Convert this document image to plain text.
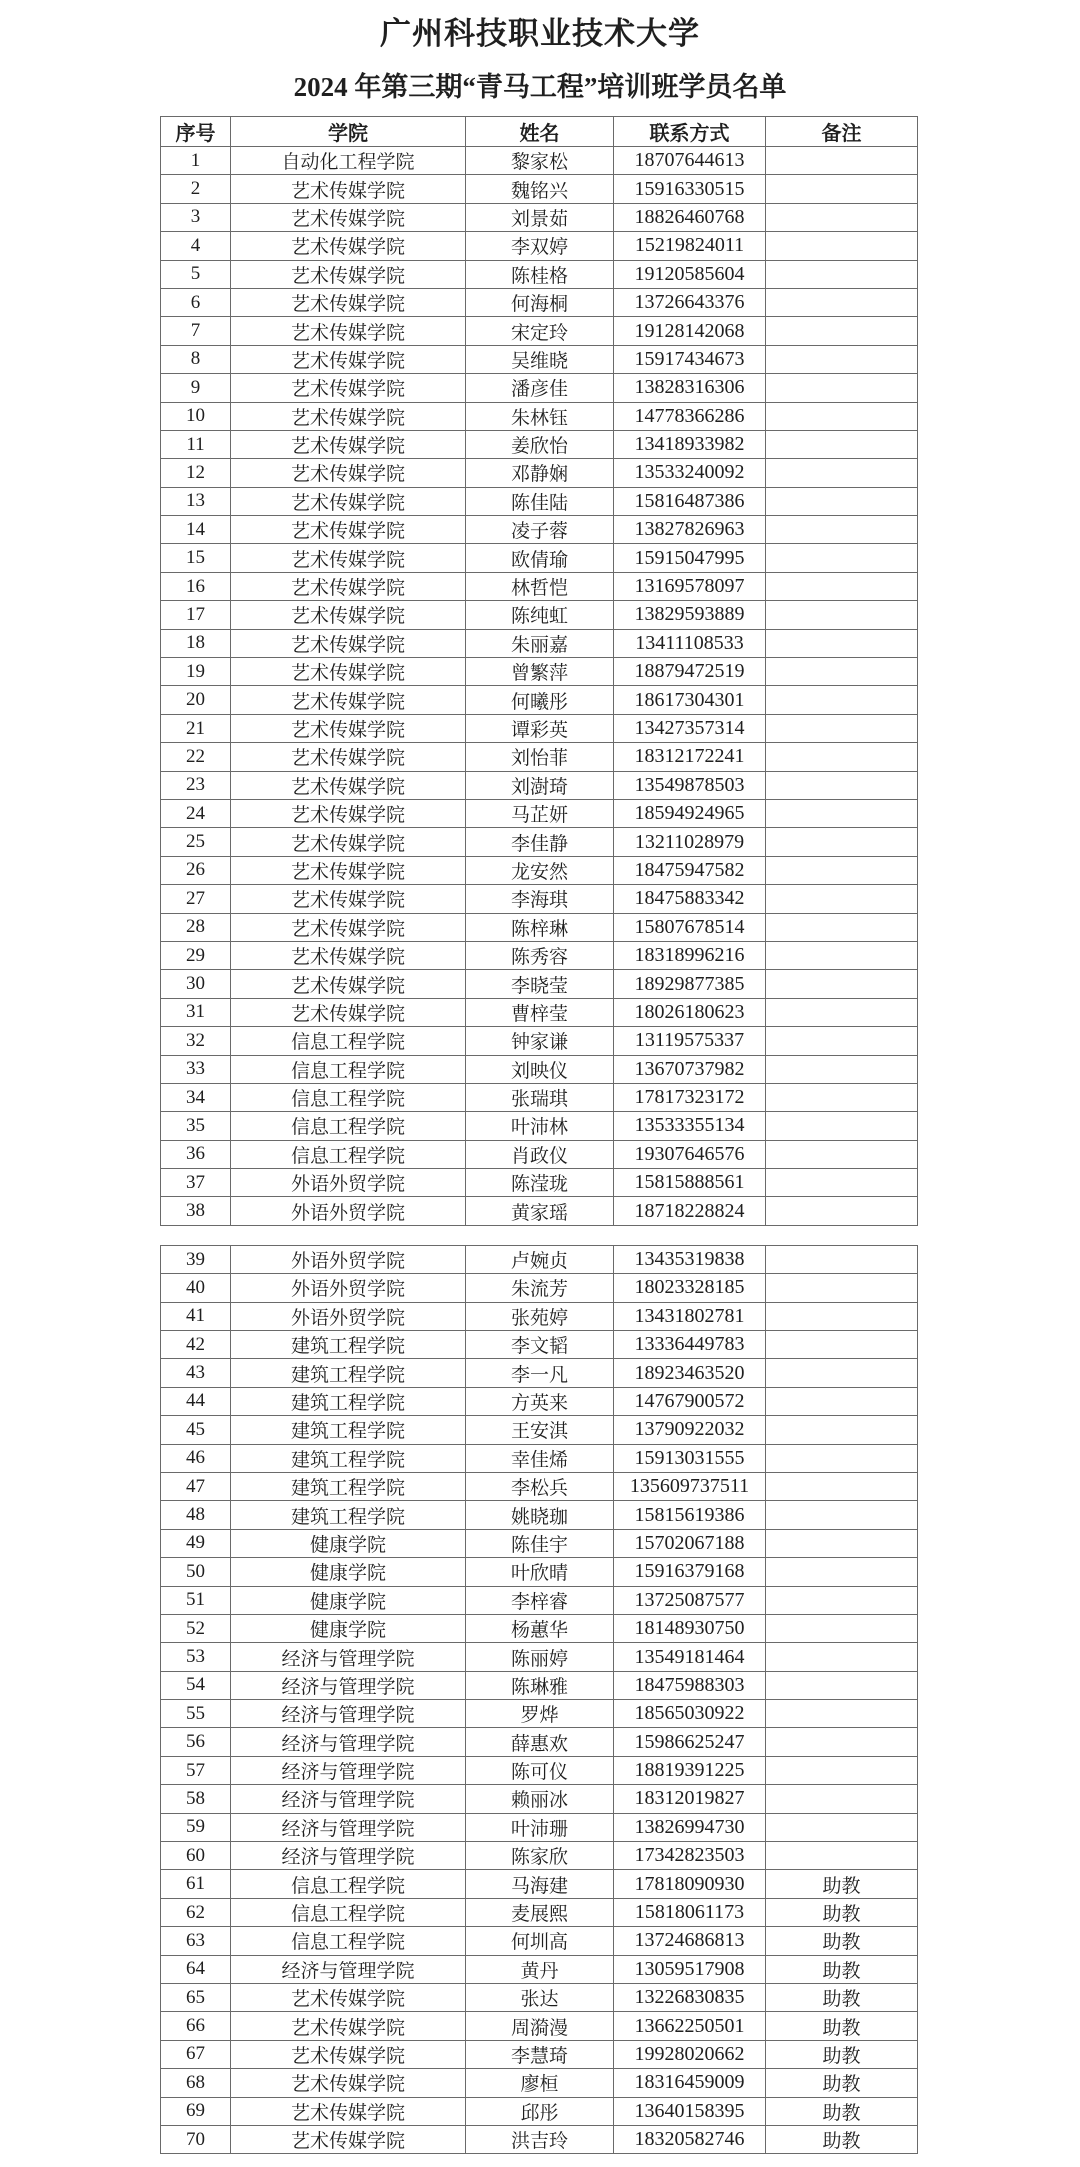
广州科技职业技术大学
2024 年第三期“青马工程”培训班学员名单
序号	学院	姓名	联系方式	备注
1	自动化工程学院	黎家松	18707644613	
2	艺术传媒学院	魏铭兴	15916330515	
3	艺术传媒学院	刘景茹	18826460768	
4	艺术传媒学院	李双婷	15219824011	
5	艺术传媒学院	陈桂格	19120585604	
6	艺术传媒学院	何海桐	13726643376	
7	艺术传媒学院	宋定玲	19128142068	
8	艺术传媒学院	吴维晓	15917434673	
9	艺术传媒学院	潘彦佳	13828316306	
10	艺术传媒学院	朱林钰	14778366286	
11	艺术传媒学院	姜欣怡	13418933982	
12	艺术传媒学院	邓静娴	13533240092	
13	艺术传媒学院	陈佳陆	15816487386	
14	艺术传媒学院	凌子蓉	13827826963	
15	艺术传媒学院	欧倩瑜	15915047995	
16	艺术传媒学院	林哲恺	13169578097	
17	艺术传媒学院	陈纯虹	13829593889	
18	艺术传媒学院	朱丽嘉	13411108533	
19	艺术传媒学院	曾繁萍	18879472519	
20	艺术传媒学院	何曦彤	18617304301	
21	艺术传媒学院	谭彩英	13427357314	
22	艺术传媒学院	刘怡菲	18312172241	
23	艺术传媒学院	刘澍琦	13549878503	
24	艺术传媒学院	马芷妍	18594924965	
25	艺术传媒学院	李佳静	13211028979	
26	艺术传媒学院	龙安然	18475947582	
27	艺术传媒学院	李海琪	18475883342	
28	艺术传媒学院	陈梓琳	15807678514	
29	艺术传媒学院	陈秀容	18318996216	
30	艺术传媒学院	李晓莹	18929877385	
31	艺术传媒学院	曹梓莹	18026180623	
32	信息工程学院	钟家谦	13119575337	
33	信息工程学院	刘映仪	13670737982	
34	信息工程学院	张瑞琪	17817323172	
35	信息工程学院	叶沛林	13533355134	
36	信息工程学院	肖政仪	19307646576	
37	外语外贸学院	陈滢珑	15815888561	
38	外语外贸学院	黄家瑶	18718228824	
39	外语外贸学院	卢婉贞	13435319838	
40	外语外贸学院	朱流芳	18023328185	
41	外语外贸学院	张苑婷	13431802781	
42	建筑工程学院	李文韬	13336449783	
43	建筑工程学院	李一凡	18923463520	
44	建筑工程学院	方英来	14767900572	
45	建筑工程学院	王安淇	13790922032	
46	建筑工程学院	幸佳烯	15913031555	
47	建筑工程学院	李松兵	135609737511	
48	建筑工程学院	姚晓珈	15815619386	
49	健康学院	陈佳宇	15702067188	
50	健康学院	叶欣晴	15916379168	
51	健康学院	李梓睿	13725087577	
52	健康学院	杨蕙华	18148930750	
53	经济与管理学院	陈丽婷	13549181464	
54	经济与管理学院	陈琳雅	18475988303	
55	经济与管理学院	罗烨	18565030922	
56	经济与管理学院	薛惠欢	15986625247	
57	经济与管理学院	陈可仪	18819391225	
58	经济与管理学院	赖丽冰	18312019827	
59	经济与管理学院	叶沛珊	13826994730	
60	经济与管理学院	陈家欣	17342823503	
61	信息工程学院	马海建	17818090930	助教
62	信息工程学院	麦展熙	15818061173	助教
63	信息工程学院	何圳高	13724686813	助教
64	经济与管理学院	黄丹	13059517908	助教
65	艺术传媒学院	张达	13226830835	助教
66	艺术传媒学院	周漪漫	13662250501	助教
67	艺术传媒学院	李慧琦	19928020662	助教
68	艺术传媒学院	廖桓	18316459009	助教
69	艺术传媒学院	邱彤	13640158395	助教
70	艺术传媒学院	洪吉玲	18320582746	助教
